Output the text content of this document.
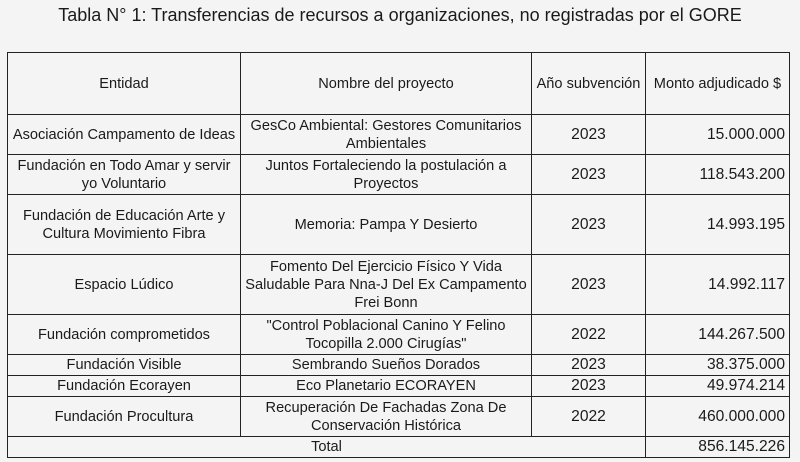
Tabla N° 1: Transferencias de recursos a organizaciones, no registradas por el GORE
Entidad	Nombre del proyecto	Año subvención	Monto adjudicado $
Asociación Campamento de Ideas	GesCo Ambiental: Gestores Comunitarios Ambientales	2023	15.000.000
Fundación en Todo Amar y servir yo Voluntario	Juntos Fortaleciendo la postulación a Proyectos	2023	118.543.200
Fundación de Educación Arte y Cultura Movimiento Fibra	Memoria: Pampa Y Desierto	2023	14.993.195
Espacio Lúdico	Fomento Del Ejercicio Físico Y Vida Saludable Para Nna-J Del Ex Campamento Frei Bonn	2023	14.992.117
Fundación comprometidos	"Control Poblacional Canino Y Felino Tocopilla 2.000 Cirugías"	2022	144.267.500
Fundación Visible	Sembrando Sueños Dorados	2023	38.375.000
Fundación Ecorayen	Eco Planetario ECORAYEN	2023	49.974.214
Fundación Procultura	Recuperación De Fachadas Zona De Conservación Histórica	2022	460.000.000
Total			856.145.226
